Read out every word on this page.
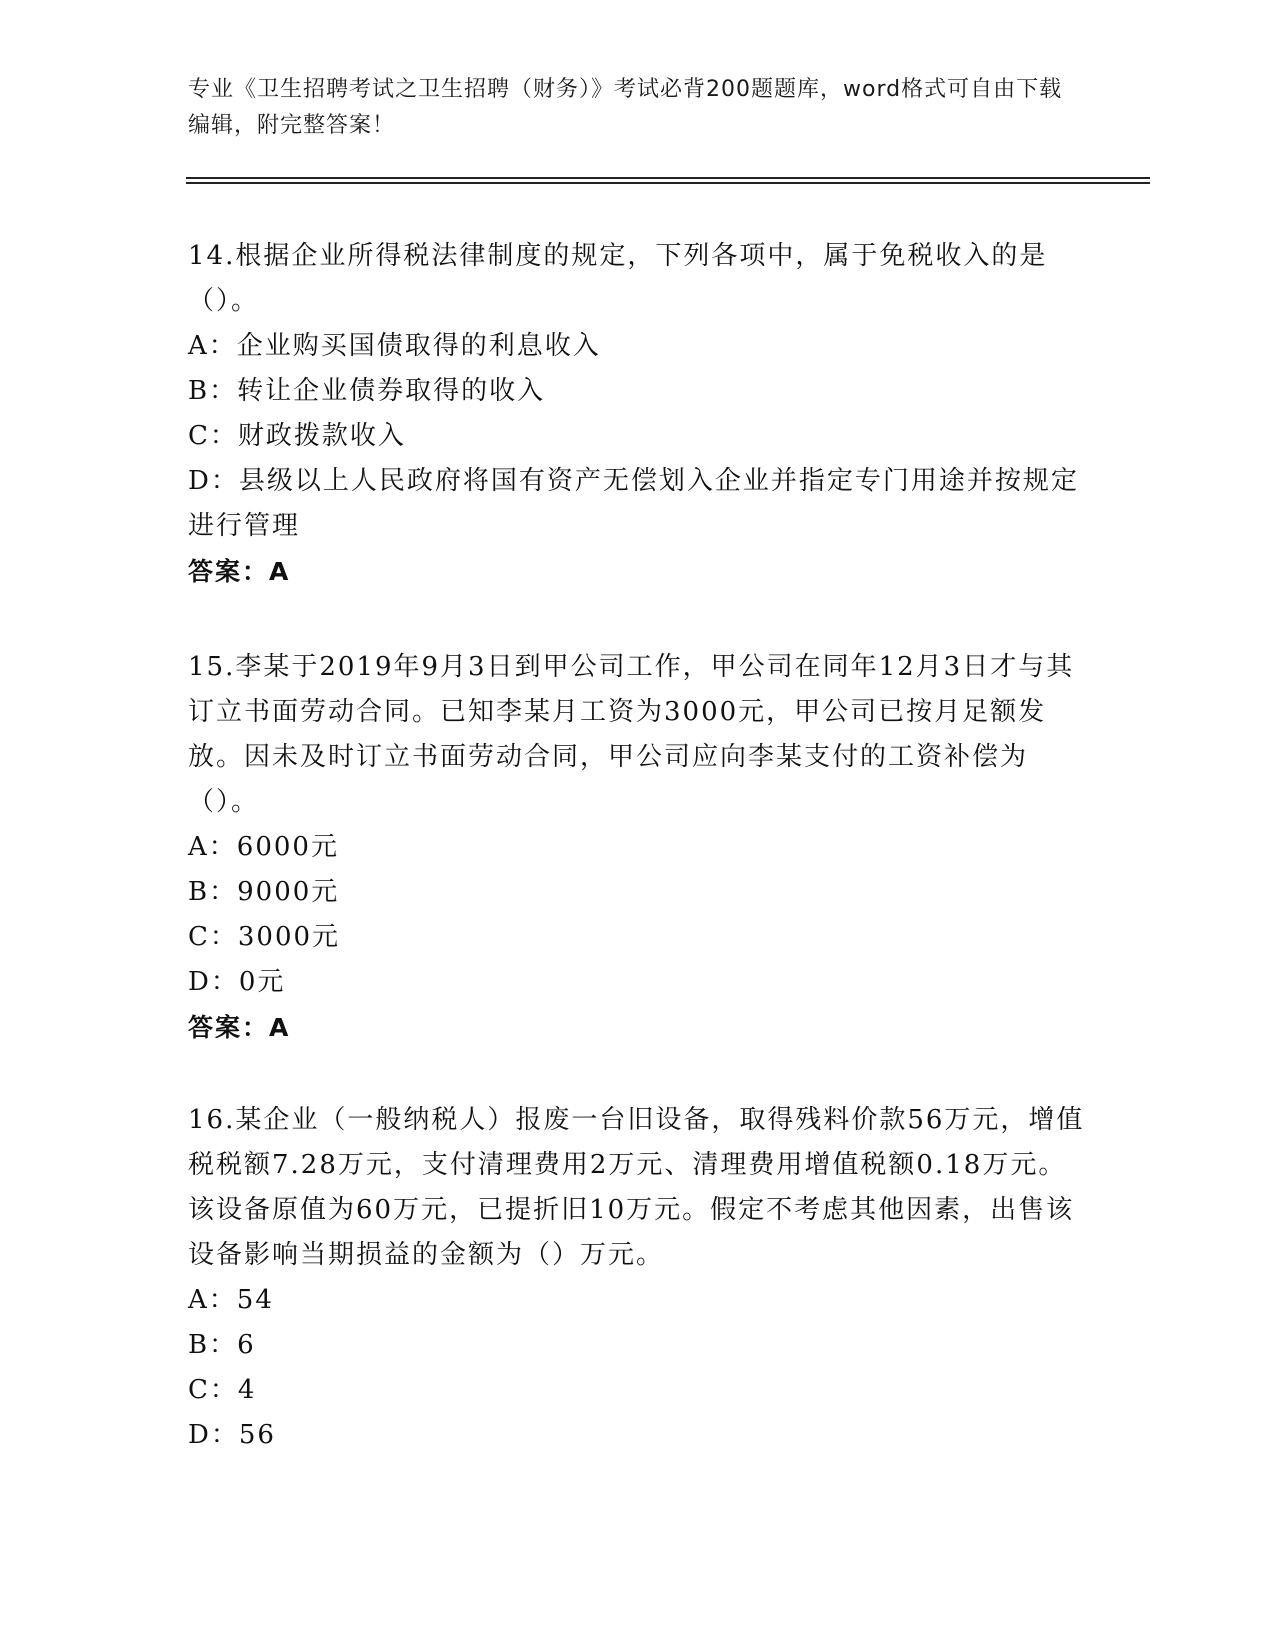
专业《卫生招聘考试之卫生招聘（财务）》考试必背200题题库，word格式可自由下载编辑，附完整答案！

14.根据企业所得税法律制度的规定，下列各项中，属于免税收入的是（）。

A：企业购买国债取得的利息收入

B：转让企业债券取得的收入

C：财政拨款收入

D：县级以上人民政府将国有资产无偿划入企业并指定专门用途并按规定进行管理

答案：A

15.李某于2019年9月3日到甲公司工作，甲公司在同年12月3日才与其订立书面劳动合同。已知李某月工资为3000元，甲公司已按月足额发放。因未及时订立书面劳动合同，甲公司应向李某支付的工资补偿为（）。

A：6000元

B：9000元

C：3000元

D：0元

答案：A

16.某企业（一般纳税人）报废一台旧设备，取得残料价款56万元，增值税税额7.28万元，支付清理费用2万元、清理费用增值税额0.18万元。该设备原值为60万元，已提折旧10万元。假定不考虑其他因素，出售该设备影响当期损益的金额为（）万元。

A：54

B：6

C：4

D：56
